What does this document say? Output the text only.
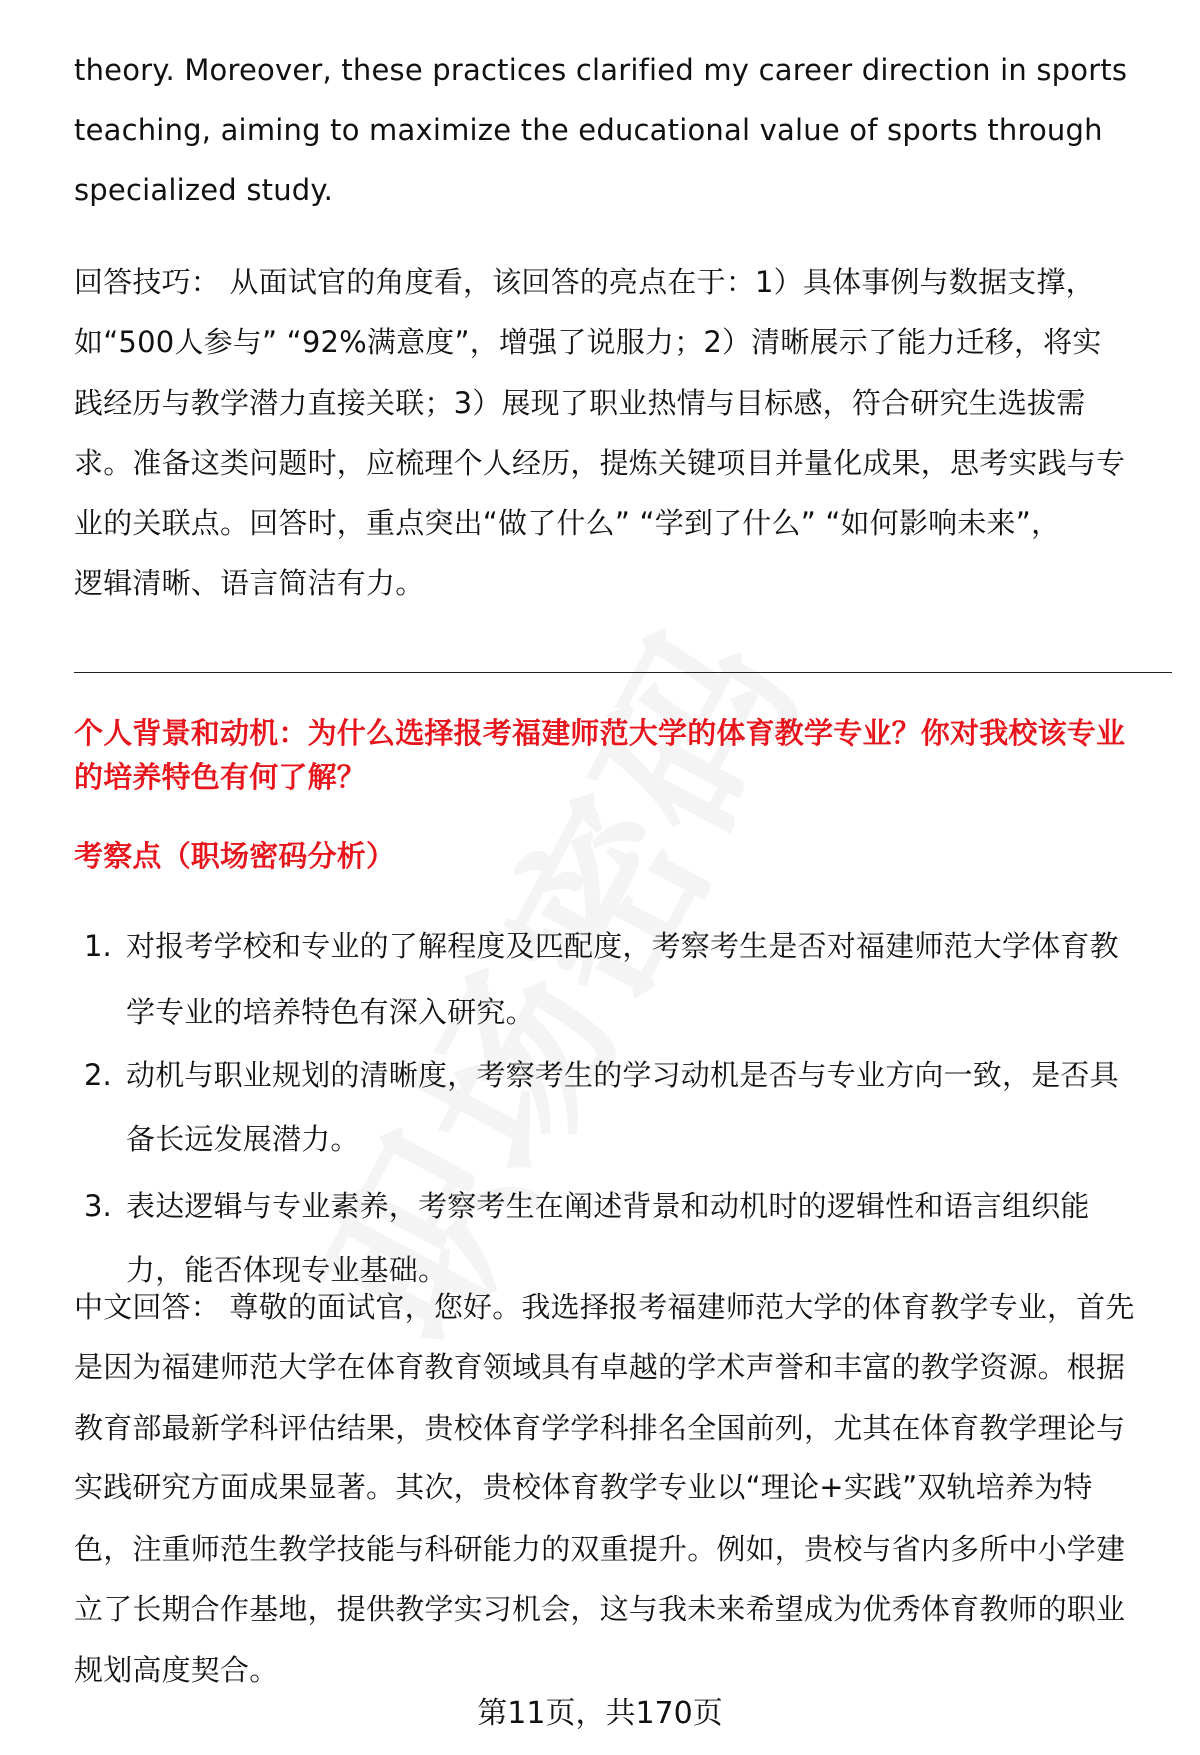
theory. Moreover, these practices clarified my career direction in sports
teaching, aiming to maximize the educational value of sports through
specialized study.
回答技巧： 从面试官的角度看，该回答的亮点在于：1）具体事例与数据支撑，
如“500人参与” “92%满意度”，增强了说服力；2）清晰展示了能力迁移，将实
践经历与教学潜力直接关联；3）展现了职业热情与目标感，符合研究生选拔需
求。准备这类问题时，应梳理个人经历，提炼关键项目并量化成果，思考实践与专
业的关联点。回答时，重点突出“做了什么” “学到了什么” “如何影响未来”，
逻辑清晰、语言简洁有力。
个人背景和动机：为什么选择报考福建师范大学的体育教学专业？你对我校该专业
的培养特色有何了解？
考察点（职场密码分析）
1. 对报考学校和专业的了解程度及匹配度，考察考生是否对福建师范大学体育教
学专业的培养特色有深入研究。
2. 动机与职业规划的清晰度，考察考生的学习动机是否与专业方向一致，是否具
备长远发展潜力。
3. 表达逻辑与专业素养，考察考生在阐述背景和动机时的逻辑性和语言组织能
力，能否体现专业基础。
中文回答： 尊敬的面试官，您好。我选择报考福建师范大学的体育教学专业，首先
是因为福建师范大学在体育教育领域具有卓越的学术声誉和丰富的教学资源。根据
教育部最新学科评估结果，贵校体育学学科排名全国前列，尤其在体育教学理论与
实践研究方面成果显著。其次，贵校体育教学专业以“理论+实践”双轨培养为特
色，注重师范生教学技能与科研能力的双重提升。例如，贵校与省内多所中小学建
立了长期合作基地，提供教学实习机会，这与我未来希望成为优秀体育教师的职业
规划高度契合。
第11页，共170页
